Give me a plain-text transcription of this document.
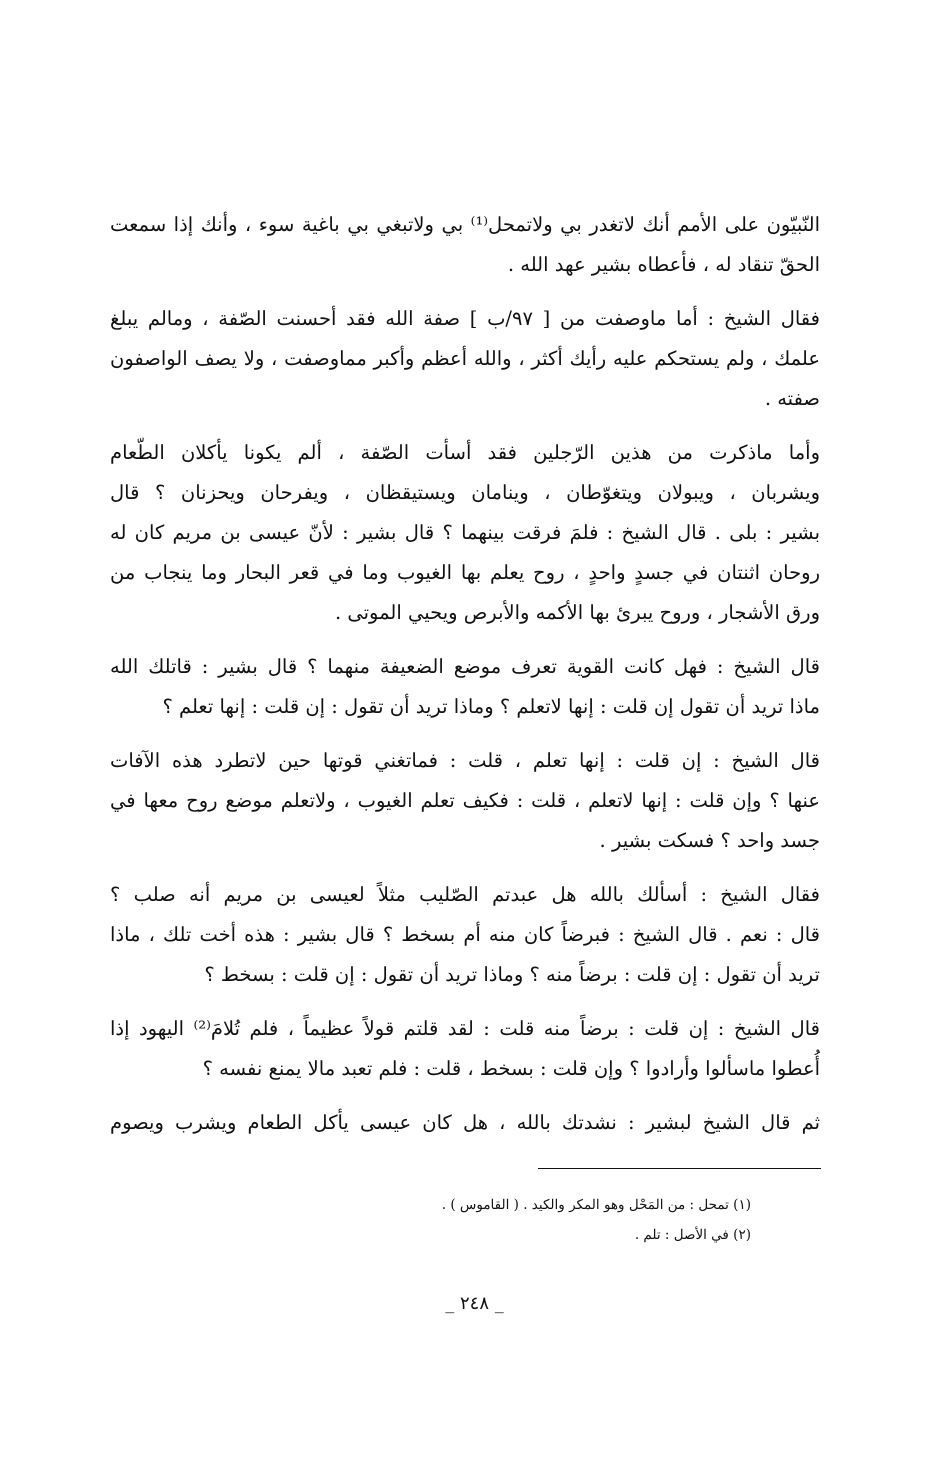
النّبيّون على الأمم أنك لاتغدر بي ولاتمحل⁽¹⁾ بي ولاتبغي بي باغية سوء ، وأنك إذا سمعت
الحقّ تنقاد له ، فأعطاه بشير عهد الله .

فقال الشيخ : أما ماوصفت من [ ٩٧/ب ] صفة الله فقد أحسنت الصّفة ، ومالم يبلغ
علمك ، ولم يستحكم عليه رأيك أكثر ، والله أعظم وأكبر مماوصفت ، ولا يصف الواصفون
صفته .

وأما ماذكرت من هذين الرّجلين فقد أسأت الصّفة ، ألم يكونا يأكلان الطّعام
ويشربان ، ويبولان ويتغوّطان ، وينامان ويستيقظان ، ويفرحان ويحزنان ؟ قال
بشير : بلى . قال الشيخ : فلمَ فرقت بينهما ؟ قال بشير : لأنّ عيسى بن مريم كان له
روحان اثنتان في جسدٍ واحدٍ ، روح يعلم بها الغيوب وما في قعر البحار وما ينجاب من
ورق الأشجار ، وروح يبرئ بها الأكمه والأبرص ويحيي الموتى .

قال الشيخ : فهل كانت القوية تعرف موضع الضعيفة منهما ؟ قال بشير : قاتلك الله
ماذا تريد أن تقول إن قلت : إنها لاتعلم ؟ وماذا تريد أن تقول : إن قلت : إنها تعلم ؟

قال الشيخ : إن قلت : إنها تعلم ، قلت : فماتغني قوتها حين لاتطرد هذه الآفات
عنها ؟ وإن قلت : إنها لاتعلم ، قلت : فكيف تعلم الغيوب ، ولاتعلم موضع روح معها في
جسد واحد ؟ فسكت بشير .

فقال الشيخ : أسألك بالله هل عبدتم الصّليب مثلاً لعيسى بن مريم أنه صلب ؟
قال : نعم . قال الشيخ : فبرضاً كان منه أم بسخط ؟ قال بشير : هذه أخت تلك ، ماذا
تريد أن تقول : إن قلت : برضاً منه ؟ وماذا تريد أن تقول : إن قلت : بسخط ؟

قال الشيخ : إن قلت : برضاً منه قلت : لقد قلتم قولاً عظيماً ، فلم تُلامَ⁽²⁾ اليهود إذا
أُعطوا ماسألوا وأرادوا ؟ وإن قلت : بسخط ، قلت : فلم تعبد مالا يمنع نفسه ؟

ثم قال الشيخ لبشير : نشدتك بالله ، هل كان عيسى يأكل الطعام ويشرب ويصوم

(١) تمحل : من المَحْل وهو المكر والكيد . ( القاموس ) .
(٢) في الأصل : تلم .
_ ٢٤٨ _
